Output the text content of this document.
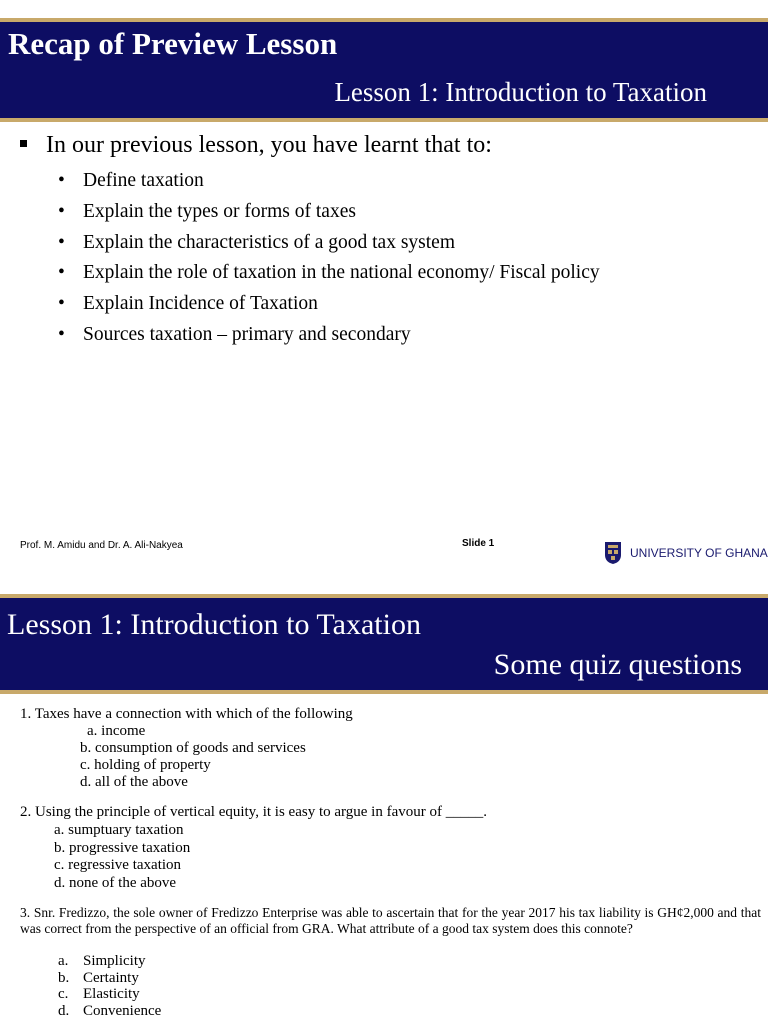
Recap of Preview Lesson
Lesson 1: Introduction to Taxation
In our previous lesson, you have learnt that to:
• Define taxation
• Explain the types or forms of taxes
• Explain the characteristics of a good tax system
• Explain the role of taxation in the national economy/ Fiscal policy
• Explain Incidence of Taxation
• Sources taxation – primary and secondary
Prof. M. Amidu and Dr. A. Ali-Nakyea	Slide 1
UNIVERSITY OF GHANA
Lesson 1: Introduction to Taxation
Some quiz questions
1. Taxes have a connection with which of the following
a. income
b. consumption of goods and services
c. holding of property
d. all of the above
2. Using the principle of vertical equity, it is easy to argue in favour of _____.
a. sumptuary taxation
b. progressive taxation
c. regressive taxation
d. none of the above
3. Snr. Fredizzo, the sole owner of Fredizzo Enterprise was able to ascertain that for the year 2017 his tax liability is GH¢2,000 and that was correct from the perspective of an official from GRA. What attribute of a good tax system does this connote?
a. Simplicity
b. Certainty
c. Elasticity
d. Convenience
